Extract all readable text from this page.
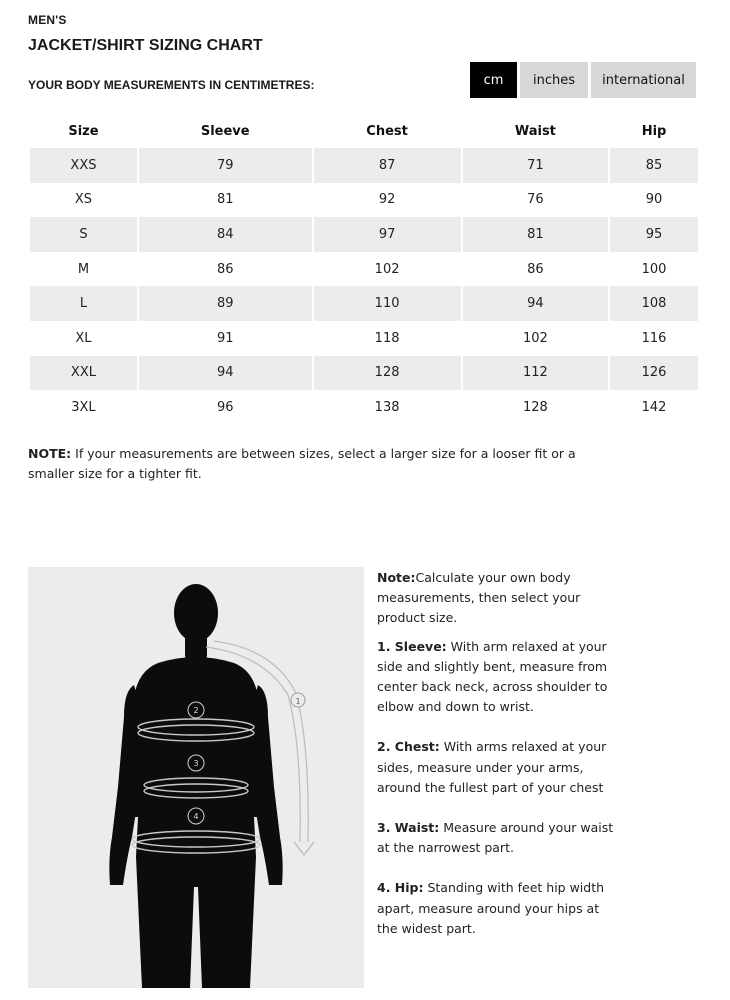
MEN'S
JACKET/SHIRT SIZING CHART
YOUR BODY MEASUREMENTS IN CENTIMETRES:	cm	inches	international
Size	Sleeve	Chest	Waist	Hip
XXS	79	87	71	85
XS	81	92	76	90
S	84	97	81	95
M	86	102	86	100
L	89	110	94	108
XL	91	118	102	116
XXL	94	128	112	126
3XL	96	138	128	142
NOTE: If your measurements are between sizes, select a larger size for a looser fit or a smaller size for a tighter fit.
1
2
3
4

Note:Calculate your own body measurements, then select your product size.

1. Sleeve: With arm relaxed at your side and slightly bent, measure from center back neck, across shoulder to elbow and down to wrist.

2. Chest: With arms relaxed at your sides, measure under your arms, around the fullest part of your chest

3. Waist: Measure around your waist at the narrowest part.

4. Hip: Standing with feet hip width apart, measure around your hips at the widest part.
